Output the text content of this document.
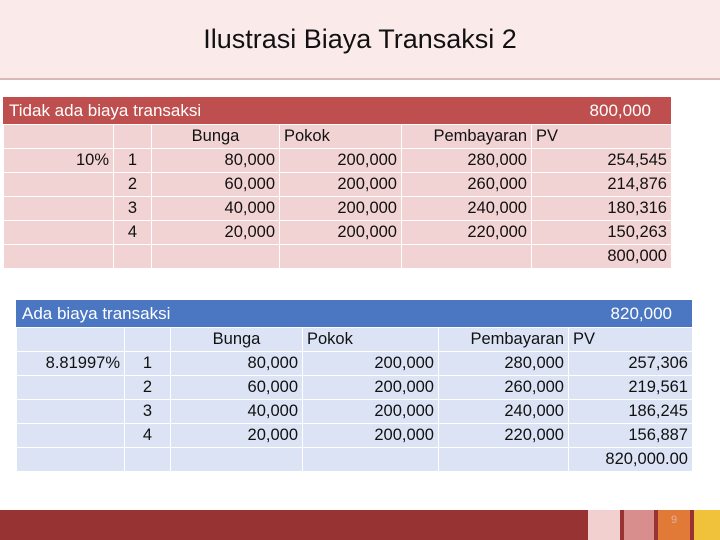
Ilustrasi Biaya Transaksi 2
Tidak ada biaya transaksi	800,000
		Bunga	Pokok	Pembayaran	PV
10%	1	80,000	200,000	280,000	254,545
	2	60,000	200,000	260,000	214,876
	3	40,000	200,000	240,000	180,316
	4	20,000	200,000	220,000	150,263
					800,000
Ada biaya transaksi	820,000
		Bunga	Pokok	Pembayaran	PV
8.81997%	1	80,000	200,000	280,000	257,306
	2	60,000	200,000	260,000	219,561
	3	40,000	200,000	240,000	186,245
	4	20,000	200,000	220,000	156,887
					820,000.00
9
